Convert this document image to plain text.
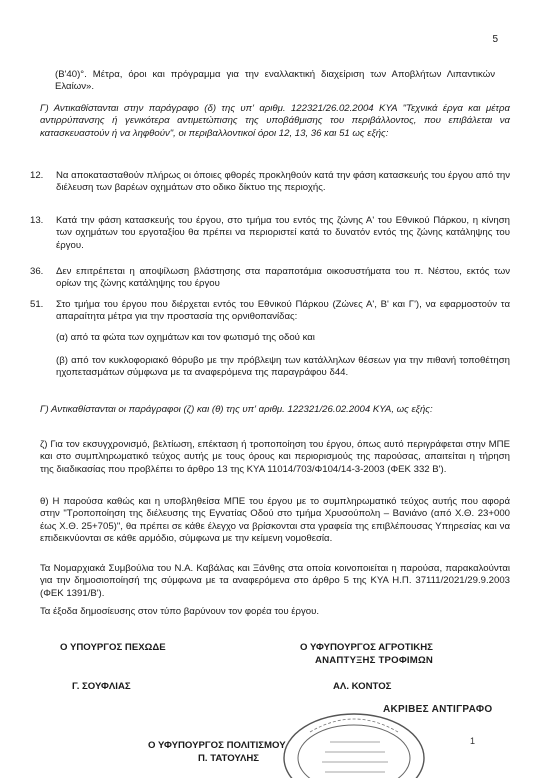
5
(Β'40)°. Μέτρα, όροι και πρόγραμμα για την εναλλακτική διαχείριση των Αποβλήτων Λιπαντικών Ελαίων».
Γ) Αντικαθίστανται στην παράγραφο (δ) της υπ' αριθμ. 122321/26.02.2004 ΚΥΑ "Τεχνικά έργα και μέτρα αντιρρύπανσης ή γενικότερα αντιμετώπισης της υποβάθμισης του περιβάλλοντος, που επιβάλεται να κατασκευαστούν ή να ληφθούν", οι περιβαλλοντικοί όροι 12, 13, 36 και 51 ως εξής:
12. Να αποκατασταθούν πλήρως οι όποιες φθορές προκληθούν κατά την φάση κατασκευής του έργου από την διέλευση των βαρέων οχημάτων στο οδικο δίκτυο της περιοχής.
13. Κατά την φάση κατασκευής του έργου, στο τμήμα του εντός της ζώνης Α' του Εθνικού Πάρκου, η κίνηση των οχημάτων του εργοταξίου θα πρέπει να περιοριστεί κατά το δυνατόν εντός της ζώνης κατάληψης του έργου.
36. Δεν επιτρέπεται η αποψίλωση βλάστησης στα παραποτάμια οικοσυστήματα του π. Νέστου, εκτός των ορίων της ζώνης κατάληψης του έργου
51. Στο τμήμα του έργου που διέρχεται εντός του Εθνικού Πάρκου (Ζώνες Α', Β' και Γ'), να εφαρμοστούν τα απαραίτητα μέτρα για την προστασία της ορνιθοπανίδας:
(α) από τα φώτα των οχημάτων και τον φωτισμό της οδού και
(β) από τον κυκλοφοριακό θόρυβο με την πρόβλεψη των κατάλληλων θέσεων για την πιθανή τοποθέτηση ηχοπετασμάτων σύμφωνα με τα αναφερόμενα της παραγράφου δ44.
Γ) Αντικαθίστανται οι παράγραφοι (ζ) και (θ) της υπ' αριθμ. 122321/26.02.2004 ΚΥΑ, ως εξής:
ζ) Για τον εκσυγχρονισμό, βελτίωση, επέκταση ή τροποποίηση του έργου, όπως αυτό περιγράφεται στην ΜΠΕ και στο συμπληρωματικό τεύχος αυτής με τους όρους και περιορισμούς της παρούσας, απαιτείται η τήρηση της διαδικασίας που προβλέπει το άρθρο 13 της ΚΥΑ 11014/703/Φ104/14-3-2003 (ΦΕΚ 332 Β').
θ) Η παρούσα καθώς και η υποβληθείσα ΜΠΕ του έργου με το συμπληρωματικό τεύχος αυτής που αφορά στην "Τροποποίηση της διέλευσης της Εγνατίας Οδού στο τμήμα Χρυσούπολη – Βανιάνο (από Χ.Θ. 23+000 έως Χ.Θ. 25+705)", θα πρέπει σε κάθε έλεγχο να βρίσκονται στα γραφεία της επιβλέπουσας Υπηρεσίας και να επιδεικνύονται σε κάθε αρμόδιο, σύμφωνα με την κείμενη νομοθεσία.
Τα Νομαρχιακά Συμβούλια του Ν.Α. Καβάλας και Ξάνθης στα οποία κοινοποιείται η παρούσα, παρακαλούνται για την δημοσιοποίησή της σύμφωνα με τα αναφερόμενα στο άρθρο 5 της ΚΥΑ Η.Π. 37111/2021/29.9.2003 (ΦΕΚ 1391/Β').
Τα έξοδα δημοσίευσης στον τύπο βαρύνουν τον φορέα του έργου.
Ο ΥΠΟΥΡΓΟΣ ΠΕΧΩΔΕ
Γ. ΣΟΥΦΛΙΑΣ
Ο ΥΦΥΠΟΥΡΓΟΣ ΑΓΡΟΤΙΚΗΣ
ΑΝΑΠΤΥΞΗΣ ΤΡΟΦΙΜΩΝ
ΑΛ. ΚΟΝΤΟΣ
ΑΚΡΙΒΕΣ ΑΝΤΙΓΡΑΦΟ
1
Ο ΥΦΥΠΟΥΡΓΟΣ ΠΟΛΙΤΙΣΜΟΥ
Π. ΤΑΤΟΥΛΗΣ
